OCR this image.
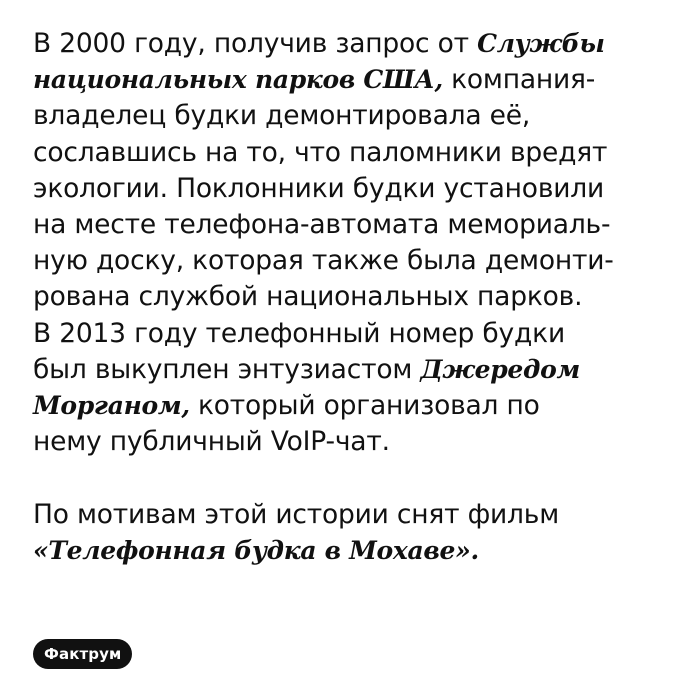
В 2000 году, получив запрос от Службы
национальных парков США, компания-
владелец будки демонтировала её,
сославшись на то, что паломники вредят
экологии. Поклонники будки установили
на месте телефона-автомата мемориаль-
ную доску, которая также была демонти-
рована службой национальных парков.
В 2013 году телефонный номер будки
был выкуплен энтузиастом Джередом
Морганом, который организовал по
нему публичный VoIP-чат.
По мотивам этой истории снят фильм
«Телефонная будка в Мохаве».
Фактрум
